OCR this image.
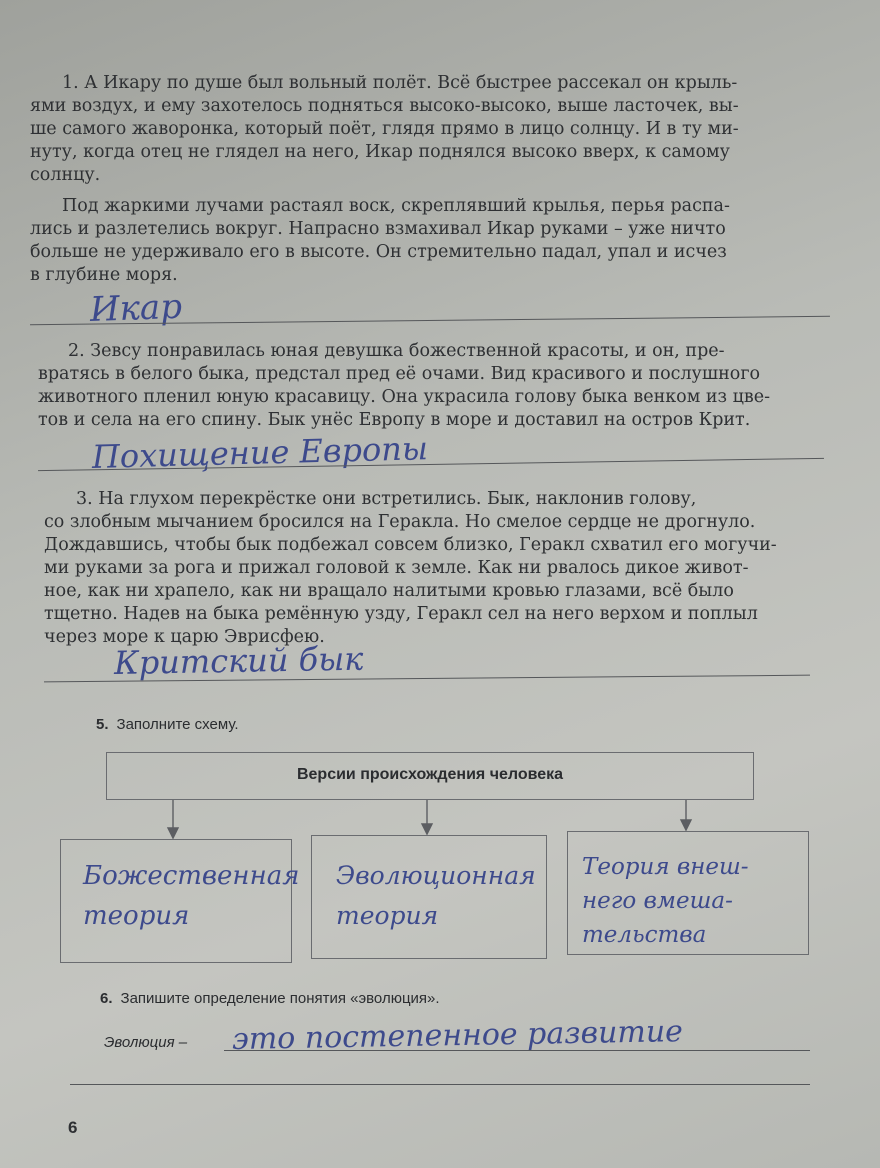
1. А Икару по душе был вольный полёт. Всё быстрее рассекал он крыль-
ями воздух, и ему захотелось подняться высоко-высоко, выше ласточек, вы-
ше самого жаворонка, который поёт, глядя прямо в лицо солнцу. И в ту ми-
нуту, когда отец не глядел на него, Икар поднялся высоко вверх, к самому
солнцу.
Под жаркими лучами растаял воск, скреплявший крылья, перья распа-
лись и разлетелись вокруг. Напрасно взмахивал Икар руками – уже ничто
больше не удерживало его в высоте. Он стремительно падал, упал и исчез
в глубине моря.
Икар
2. Зевсу понравилась юная девушка божественной красоты, и он, пре-
вратясь в белого быка, предстал пред её очами. Вид красивого и послушного
животного пленил юную красавицу. Она украсила голову быка венком из цве-
тов и села на его спину. Бык унёс Европу в море и доставил на остров Крит.
Похищение Европы
3. На глухом перекрёстке они встретились. Бык, наклонив голову,
со злобным мычанием бросился на Геракла. Но смелое сердце не дрогнуло.
Дождавшись, чтобы бык подбежал совсем близко, Геракл схватил его могучи-
ми руками за рога и прижал головой к земле. Как ни рвалось дикое живот-
ное, как ни храпело, как ни вращало налитыми кровью глазами, всё было
тщетно. Надев на быка ремённую узду, Геракл сел на него верхом и поплыл
через море к царю Эврисфею.
Критский бык
5. Заполните схему.
Версии происхождения человека
Божественная теория
Эволюционная теория
Теория внеш-него вмеша-тельства
6. Запишите определение понятия «эволюция».
Эволюция – это постепенное развитие
6
